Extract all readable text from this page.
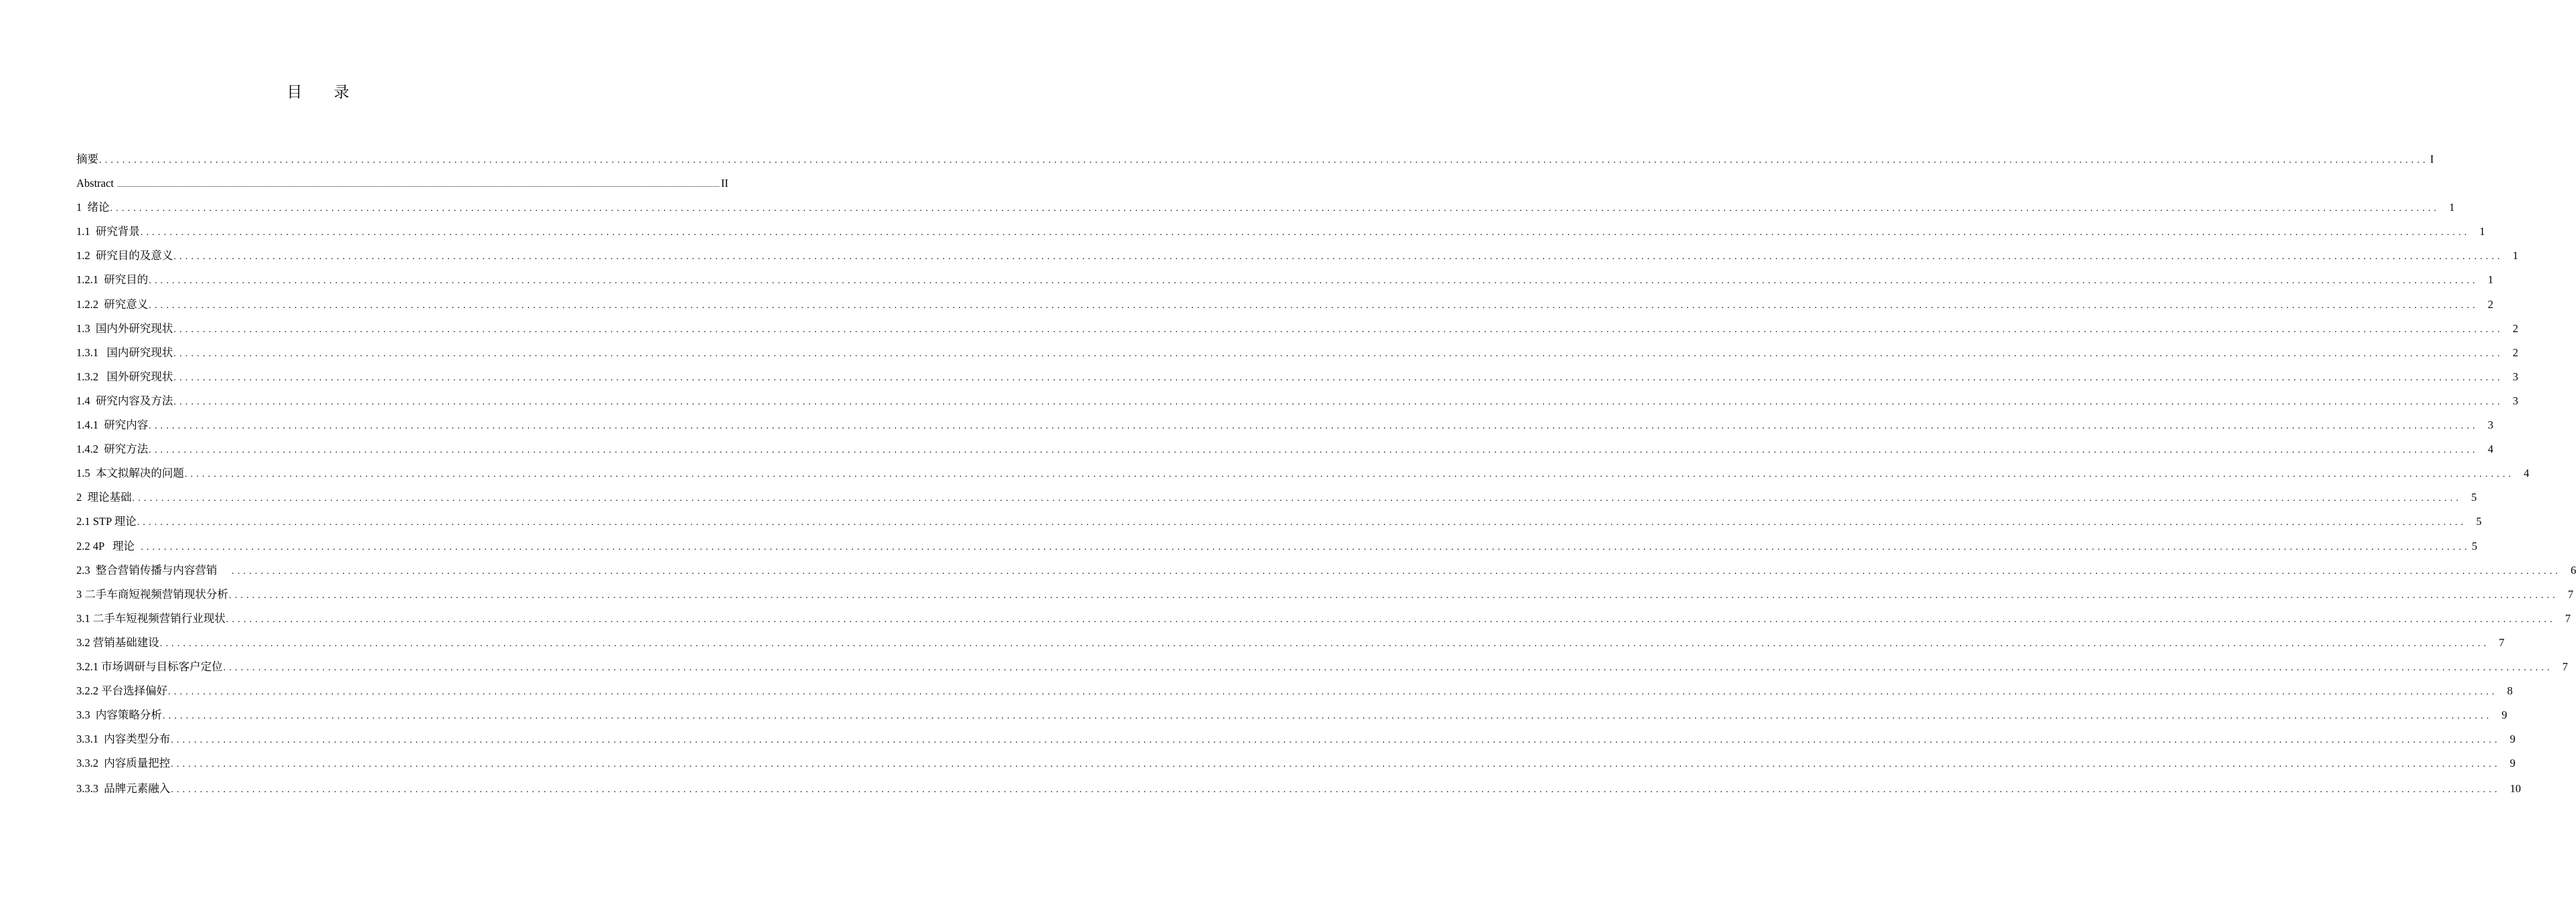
目 录
摘要 ................................................................................................................................................................................................................................................................................................................................................................................................................ I
Abstract ................................................................................................................................................................................................................................................................................................................................................................................................................ II
1  绪论 ................................................................................................................................................................................................................................................................................................................................................................................................................ 1
1.1  研究背景 ................................................................................................................................................................................................................................................................................................................................................................................................................ 1
1.2  研究目的及意义 ................................................................................................................................................................................................................................................................................................................................................................................................................ 1
1.2.1  研究目的 ................................................................................................................................................................................................................................................................................................................................................................................................................ 1
1.2.2  研究意义 ................................................................................................................................................................................................................................................................................................................................................................................................................ 2
1.3  国内外研究现状 ................................................................................................................................................................................................................................................................................................................................................................................................................ 2
1.3.1   国内研究现状 ................................................................................................................................................................................................................................................................................................................................................................................................................ 2
1.3.2   国外研究现状 ................................................................................................................................................................................................................................................................................................................................................................................................................ 3
1.4  研究内容及方法 ................................................................................................................................................................................................................................................................................................................................................................................................................ 3
1.4.1  研究内容 ................................................................................................................................................................................................................................................................................................................................................................................................................ 3
1.4.2  研究方法 ................................................................................................................................................................................................................................................................................................................................................................................................................ 4
1.5  本文拟解决的问题 ................................................................................................................................................................................................................................................................................................................................................................................................................ 4
2  理论基础 ................................................................................................................................................................................................................................................................................................................................................................................................................ 5
2.1 STP 理论 ................................................................................................................................................................................................................................................................................................................................................................................................................ 5
2.2 4P   理论 ................................................................................................................................................................................................................................................................................................................................................................................................................ 5
2.3  整合营销传播与内容营销 ................................................................................................................................................................................................................................................................................................................................................................................................................ 6
3 二手车商短视频营销现状分析 ................................................................................................................................................................................................................................................................................................................................................................................................................ 7
3.1 二手车短视频营销行业现状 ................................................................................................................................................................................................................................................................................................................................................................................................................ 7
3.2 营销基础建设 ................................................................................................................................................................................................................................................................................................................................................................................................................ 7
3.2.1 市场调研与目标客户定位 ................................................................................................................................................................................................................................................................................................................................................................................................................ 7
3.2.2 平台选择偏好 ................................................................................................................................................................................................................................................................................................................................................................................................................ 8
3.3  内容策略分析 ................................................................................................................................................................................................................................................................................................................................................................................................................ 9
3.3.1  内容类型分布 ................................................................................................................................................................................................................................................................................................................................................................................................................ 9
3.3.2  内容质量把控 ................................................................................................................................................................................................................................................................................................................................................................................................................ 9
3.3.3  品牌元素融入 ................................................................................................................................................................................................................................................................................................................................................................................................................ 10
